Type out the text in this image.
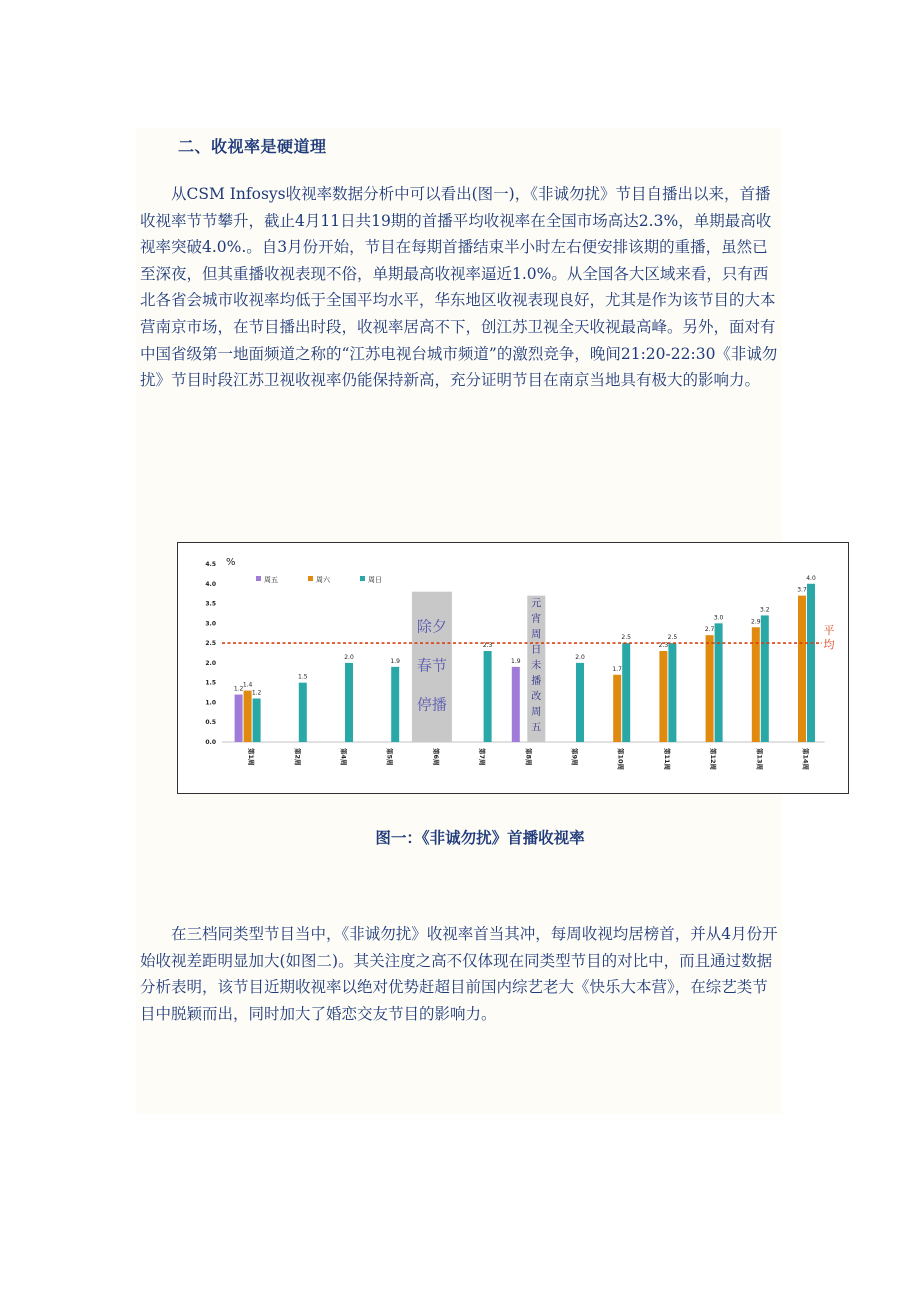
二、收视率是硬道理

从CSM Infosys收视率数据分析中可以看出(图一)，《非诚勿扰》节目自播出以来，首播收视率节节攀升，截止4月11日共19期的首播平均收视率在全国市场高达2.3%，单期最高收视率突破4.0%.。自3月份开始，节目在每期首播结束半小时左右便安排该期的重播，虽然已至深夜，但其重播收视表现不俗，单期最高收视率逼近1.0%。从全国各大区域来看，只有西北各省会城市收视率均低于全国平均水平，华东地区收视表现良好，尤其是作为该节目的大本营南京市场，在节目播出时段，收视率居高不下，创江苏卫视全天收视最高峰。另外，面对有中国省级第一地面频道之称的“江苏电视台城市频道”的激烈竞争，晚间21:20-22:30《非诚勿扰》节目时段江苏卫视收视率仍能保持新高，充分证明节目在南京当地具有极大的影响力。

0.0
0.5
1.0
1.5
2.0
2.5
3.0
3.5
4.0
4.5 %
除夕
春节
停播
元
宵
周
日
未
播
改
周
五
1.2
1.4
1.2
1.5
2.0
1.9
2.3
1.9
2.0
1.7
2.5
2.3
2.5
2.7
3.0
2.9
3.2
3.7
4.0
平
均
周五	周六	周日
第1周	第2周	第4周	第5周	第6周	第7周	第8周	第9周	第10周	第11周	第12周	第13周	第14周
图一：《非诚勿扰》首播收视率

在三档同类型节目当中，《非诚勿扰》收视率首当其冲，每周收视均居榜首，并从4月份开始收视差距明显加大(如图二)。其关注度之高不仅体现在同类型节目的对比中，而且通过数据分析表明，该节目近期收视率以绝对优势赶超目前国内综艺老大《快乐大本营》，在综艺类节目中脱颖而出，同时加大了婚恋交友节目的影响力。
